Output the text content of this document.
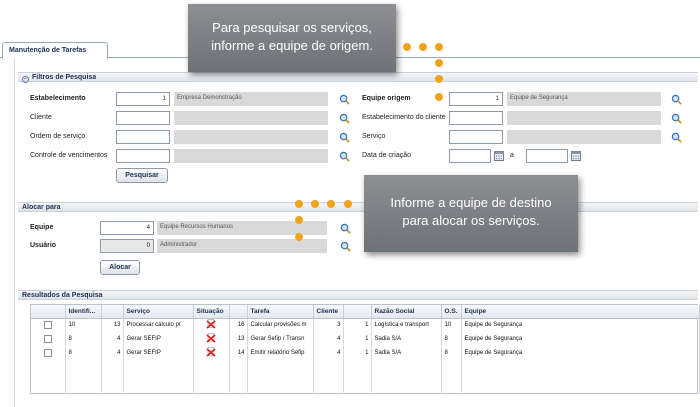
Manutenção de Tarefas
− Filtros de Pesquisa
Estabelecimento	1	Empresa Demonstração
Cliente
Ordem de serviço
Controle de vencimentos
Pesquisar
Equipe origem	1	Equipe de Segurança
Estabelecimento do cliente
Serviço
Data de criação	a
Alocar para
Equipe	4	Equipe Recursos Humanos
Usuário	0	Administrador
Alocar
Resultados da Pesquisa
	Identifi...		Serviço	Situação		Tarefa	Cliente		Razão Social	O.S.	Equipe
	10	13	Processar cálculo pr		16	Calcular provisões m	3	1	Logística e transport	10	Equipe de Segurança
	8	4	Gerar SEFIP		13	Gerar Sefip / Transn	4	1	Sadia S/A	8	Equipe de Segurança
	8	4	Gerar SEFIP		14	Emitir relatório Sefip	4	1	Sadia S/A	8	Equipe de Segurança

Para pesquisar os serviços,
informe a equipe de origem.
Informe a equipe de destino
para alocar os serviços.
